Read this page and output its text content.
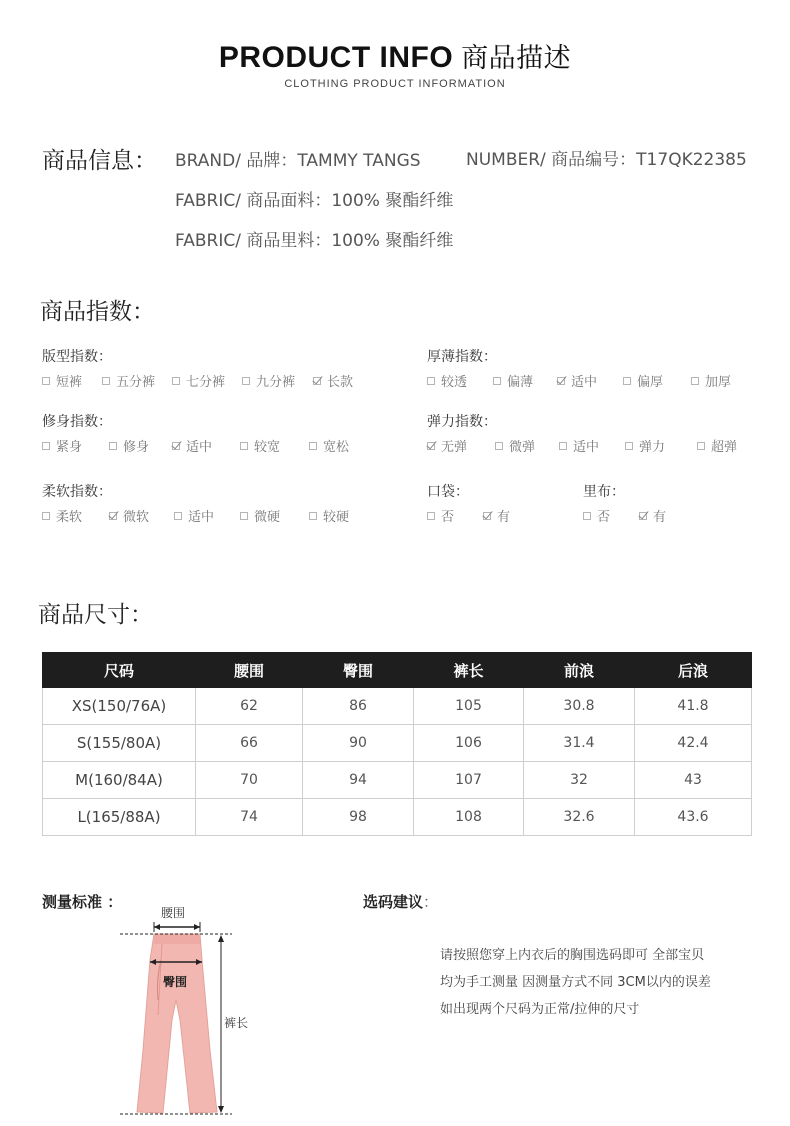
PRODUCT INFO 商品描述
CLOTHING PRODUCT INFORMATION
商品信息： BRAND/ 品牌：TAMMY TANGS	NUMBER/ 商品编号：T17QK22385
FABRIC/ 商品面料：100% 聚酯纤维
FABRIC/ 商品里料：100% 聚酯纤维
商品指数：
版型指数：
短裤	五分裤 七分裤 九分裤 长款
厚薄指数：
较透	偏薄	适中	偏厚	加厚
修身指数：
紧身	修身	适中	较宽	宽松
弹力指数：
无弹	微弹	适中	弹力	超弹
柔软指数：
柔软	微软	适中	微硬	较硬
口袋：
否	有
里布：
否	有
商品尺寸：
尺码	腰围	臀围	裤长	前浪	后浪
XS(150/76A)	62	86	105	30.8	41.8
S(155/80A)	66	90	106	31.4	42.4
M(160/84A)	70	94	107	32	43
L(165/88A)	74	98	108	32.6	43.6
测量标准 ：
腰围
臀围
裤长
选码建议：
请按照您穿上内衣后的胸围选码即可 全部宝贝
均为手工测量 因测量方式不同 3CM以内的误差
如出现两个尺码为正常/拉伸的尺寸
